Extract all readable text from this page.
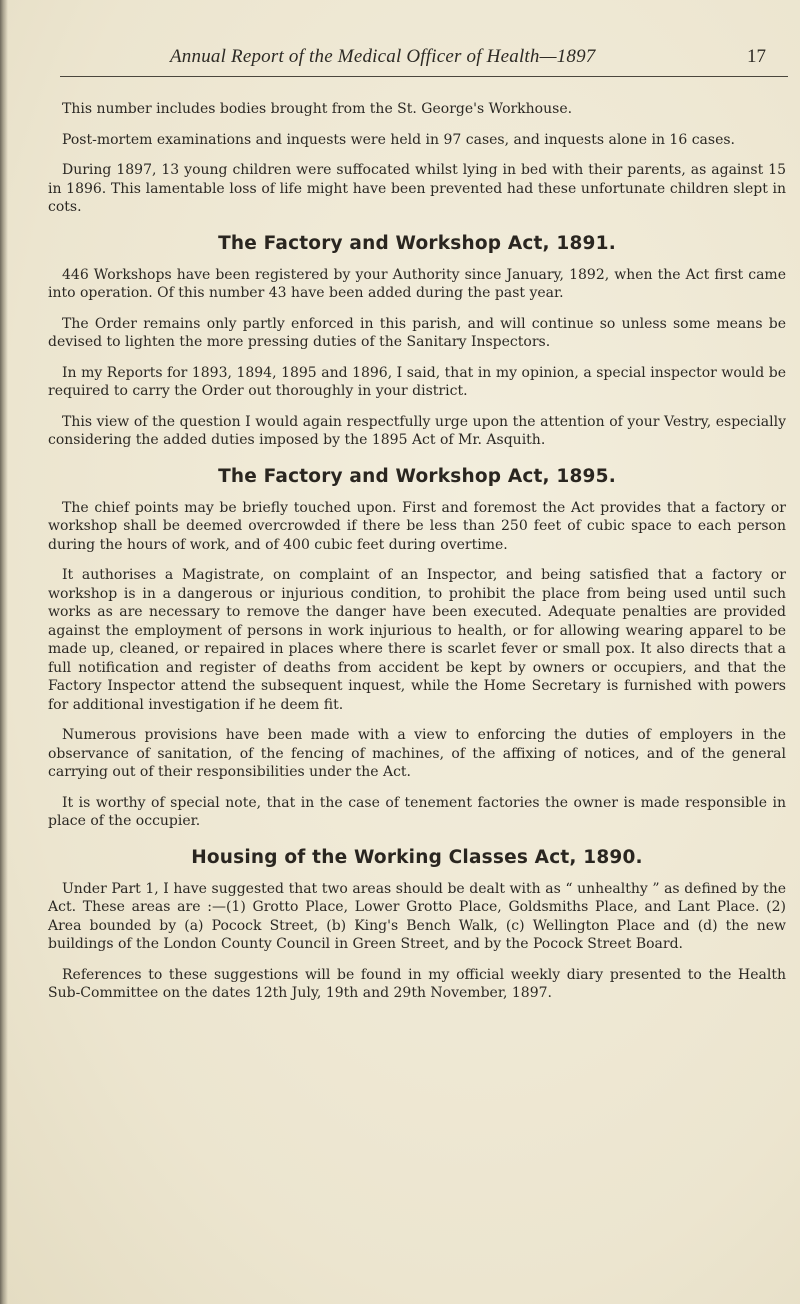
Annual Report of the Medical Officer of Health—1897	17

This number includes bodies brought from the St. George's Workhouse.

Post-mortem examinations and inquests were held in 97 cases, and inquests alone in 16 cases.

During 1897, 13 young children were suffocated whilst lying in bed with their parents, as against 15 in 1896. This lamentable loss of life might have been prevented had these unfortunate children slept in cots.

The Factory and Workshop Act, 1891.

446 Workshops have been registered by your Authority since January, 1892, when the Act first came into operation. Of this number 43 have been added during the past year.

The Order remains only partly enforced in this parish, and will continue so unless some means be devised to lighten the more pressing duties of the Sanitary Inspectors.

In my Reports for 1893, 1894, 1895 and 1896, I said, that in my opinion, a special inspector would be required to carry the Order out thoroughly in your district.

This view of the question I would again respectfully urge upon the attention of your Vestry, especially considering the added duties imposed by the 1895 Act of Mr. Asquith.

The Factory and Workshop Act, 1895.

The chief points may be briefly touched upon. First and foremost the Act provides that a factory or workshop shall be deemed overcrowded if there be less than 250 feet of cubic space to each person during the hours of work, and of 400 cubic feet during overtime.

It authorises a Magistrate, on complaint of an Inspector, and being satisfied that a factory or workshop is in a dangerous or injurious condition, to prohibit the place from being used until such works as are necessary to remove the danger have been executed. Adequate penalties are provided against the employment of persons in work injurious to health, or for allowing wearing apparel to be made up, cleaned, or repaired in places where there is scarlet fever or small pox. It also directs that a full notification and register of deaths from accident be kept by owners or occupiers, and that the Factory Inspector attend the subsequent inquest, while the Home Secretary is furnished with powers for additional investigation if he deem fit.

Numerous provisions have been made with a view to enforcing the duties of employers in the observance of sanitation, of the fencing of machines, of the affixing of notices, and of the general carrying out of their responsibilities under the Act.

It is worthy of special note, that in the case of tenement factories the owner is made responsible in place of the occupier.

Housing of the Working Classes Act, 1890.

Under Part 1, I have suggested that two areas should be dealt with as “ unhealthy ” as defined by the Act. These areas are :—(1) Grotto Place, Lower Grotto Place, Goldsmiths Place, and Lant Place. (2) Area bounded by (a) Pocock Street, (b) King's Bench Walk, (c) Wellington Place and (d) the new buildings of the London County Council in Green Street, and by the Pocock Street Board.

References to these suggestions will be found in my official weekly diary presented to the Health Sub-Committee on the dates 12th July, 19th and 29th November, 1897.
